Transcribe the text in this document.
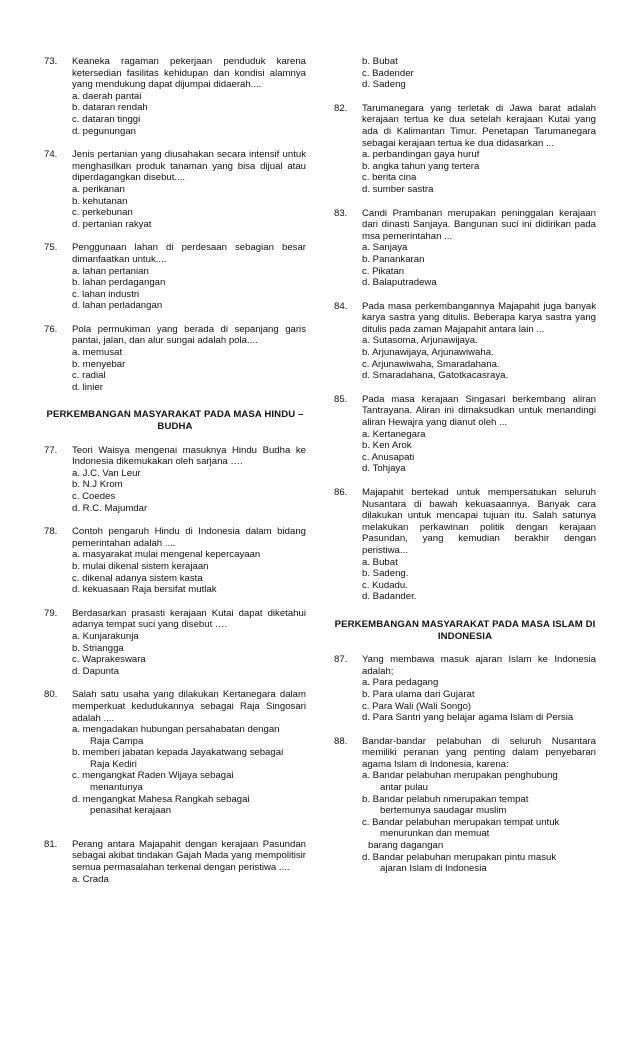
73. Keaneka ragaman pekerjaan penduduk karena ketersedian fasilitas kehidupan dan kondisi alamnya yang mendukung dapat dijumpai didaerah....
a. daerah pantai
b. dataran rendah
c. dataran tinggi
d. pegunungan
74. Jenis pertanian yang diusahakan secara intensif untuk menghasilkan produk tanaman yang bisa dijual atau diperdagangkan disebut....
a. perikanan
b. kehutanan
c. perkebunan
d. pertanian rakyat
75. Penggunaan lahan di perdesaan sebagian besar dimanfaatkan untuk....
a. lahan pertanian
b. lahan perdagangan
c. lahan industri
d. lahan perladangan
76. Pola permukiman yang berada di sepanjang garis pantai, jalan, dan alur sungai adalah pola....
a. memusat
b. menyebar
c. radial
d. linier
PERKEMBANGAN MASYARAKAT PADA MASA HINDU – BUDHA
77. Teori Waisya mengenai masuknya Hindu Budha ke Indonesia dikemukakan oleh sarjana ….
a. J.C. Van Leur
b. N.J Krom
c. Coedes
d. R.C. Majumdar
78. Contoh pengaruh Hindu di Indonesia dalam bidang pemerintahan adalah ....
a. masyarakat mulai mengenal kepercayaan
b. mulai dikenal sistem kerajaan
c. dikenal adanya sistem kasta
d. kekuasaan Raja bersifat mutlak
79. Berdasarkan prasasti kerajaan Kutai dapat diketahui adanya tempat suci yang disebut ….
a. Kunjarakunja
b. Striangga
c. Waprakeswara
d. Dapunta
80. Salah satu usaha yang dilakukan Kertanegara dalam memperkuat kedudukannya sebagai Raja Singosari adalah ....
a. mengadakan hubungan persahabatan dengan
Raja Campa
b. memberi jabatan kepada Jayakatwang sebagai
Raja Kediri
c. mengangkat Raden Wijaya sebagai
menantunya
d. mengangkat Mahesa Rangkah sebagai
penasihat kerajaan
81. Perang antara Majapahit dengan kerajaan Pasundan sebagai akibat tindakan Gajah Mada yang mempolitisir semua permasalahan terkenal dengan peristiwa ....
a. Crada
b. Bubat
c. Badender
d. Sadeng
82. Tarumanegara yang terletak di Jawa barat adalah kerajaan tertua ke dua setelah kerajaan Kutai yang ada di Kalimantan Timur. Penetapan Tarumanegara sebagai kerajaan tertua ke dua didasarkan ...
a. perbandingan gaya huruf
b. angka tahun yang tertera
c. berita cina
d. sumber sastra
83. Candi Prambanan merupakan peninggalan kerajaan dari dinasti Sanjaya. Bangunan suci ini didirikan pada msa pemerintahan ...
a. Sanjaya
b. Panankaran
c. Pikatan
d. Balaputradewa
84. Pada masa perkembangannya Majapahit juga banyak karya sastra yang ditulis. Beberapa karya sastra yang ditulis pada zaman Majapahit antara lain ...
a. Sutasoma, Arjunawijaya.
b. Arjunawijaya, Arjunawiwaha.
c. Arjunawiwaha, Smaradahana.
d. Smaradahana, Gatotkacasraya.
85. Pada masa kerajaan Singasari berkembang aliran Tantrayana. Aliran ini dimaksudkan untuk menandingi aliran Hewajra yang dianut oleh ...
a. Kertanegara
b. Ken Arok
c. Anusapati
d. Tohjaya
86. Majapahit bertekad untuk mempersatukan seluruh Nusantara di bawah kekuasaannya. Banyak cara dilakukan untuk mencapai tujuan itu. Salah satunya melakukan perkawinan politik dengan kerajaan Pasundan, yang kemudian berakhir dengan peristiwa...
a. Bubat
b. Sadeng.
c. Kudadu.
d. Badander.
PERKEMBANGAN MASYARAKAT PADA MASA ISLAM DI INDONESIA
87. Yang membawa masuk ajaran Islam ke Indonesia adalah;
a. Para pedagang
b. Para ulama dari Gujarat
c. Para Wali (Wali Songo)
d. Para Santri yang belajar agama Islam di Persia
88. Bandar-bandar pelabuhan di seluruh Nusantara memiliki peranan yang penting dalam penyebaran agama Islam di Indonesia, karena:
a. Bandar pelabuhan merupakan penghubung
antar pulau
b. Bandar pelabuh nmerupakan tempat
bertemunya saudagar muslim
c. Bandar pelabuhan merupakan tempat untuk
menurunkan dan memuat
barang dagangan
d. Bandar pelabuhan merupakan pintu masuk
ajaran Islam di Indonesia
